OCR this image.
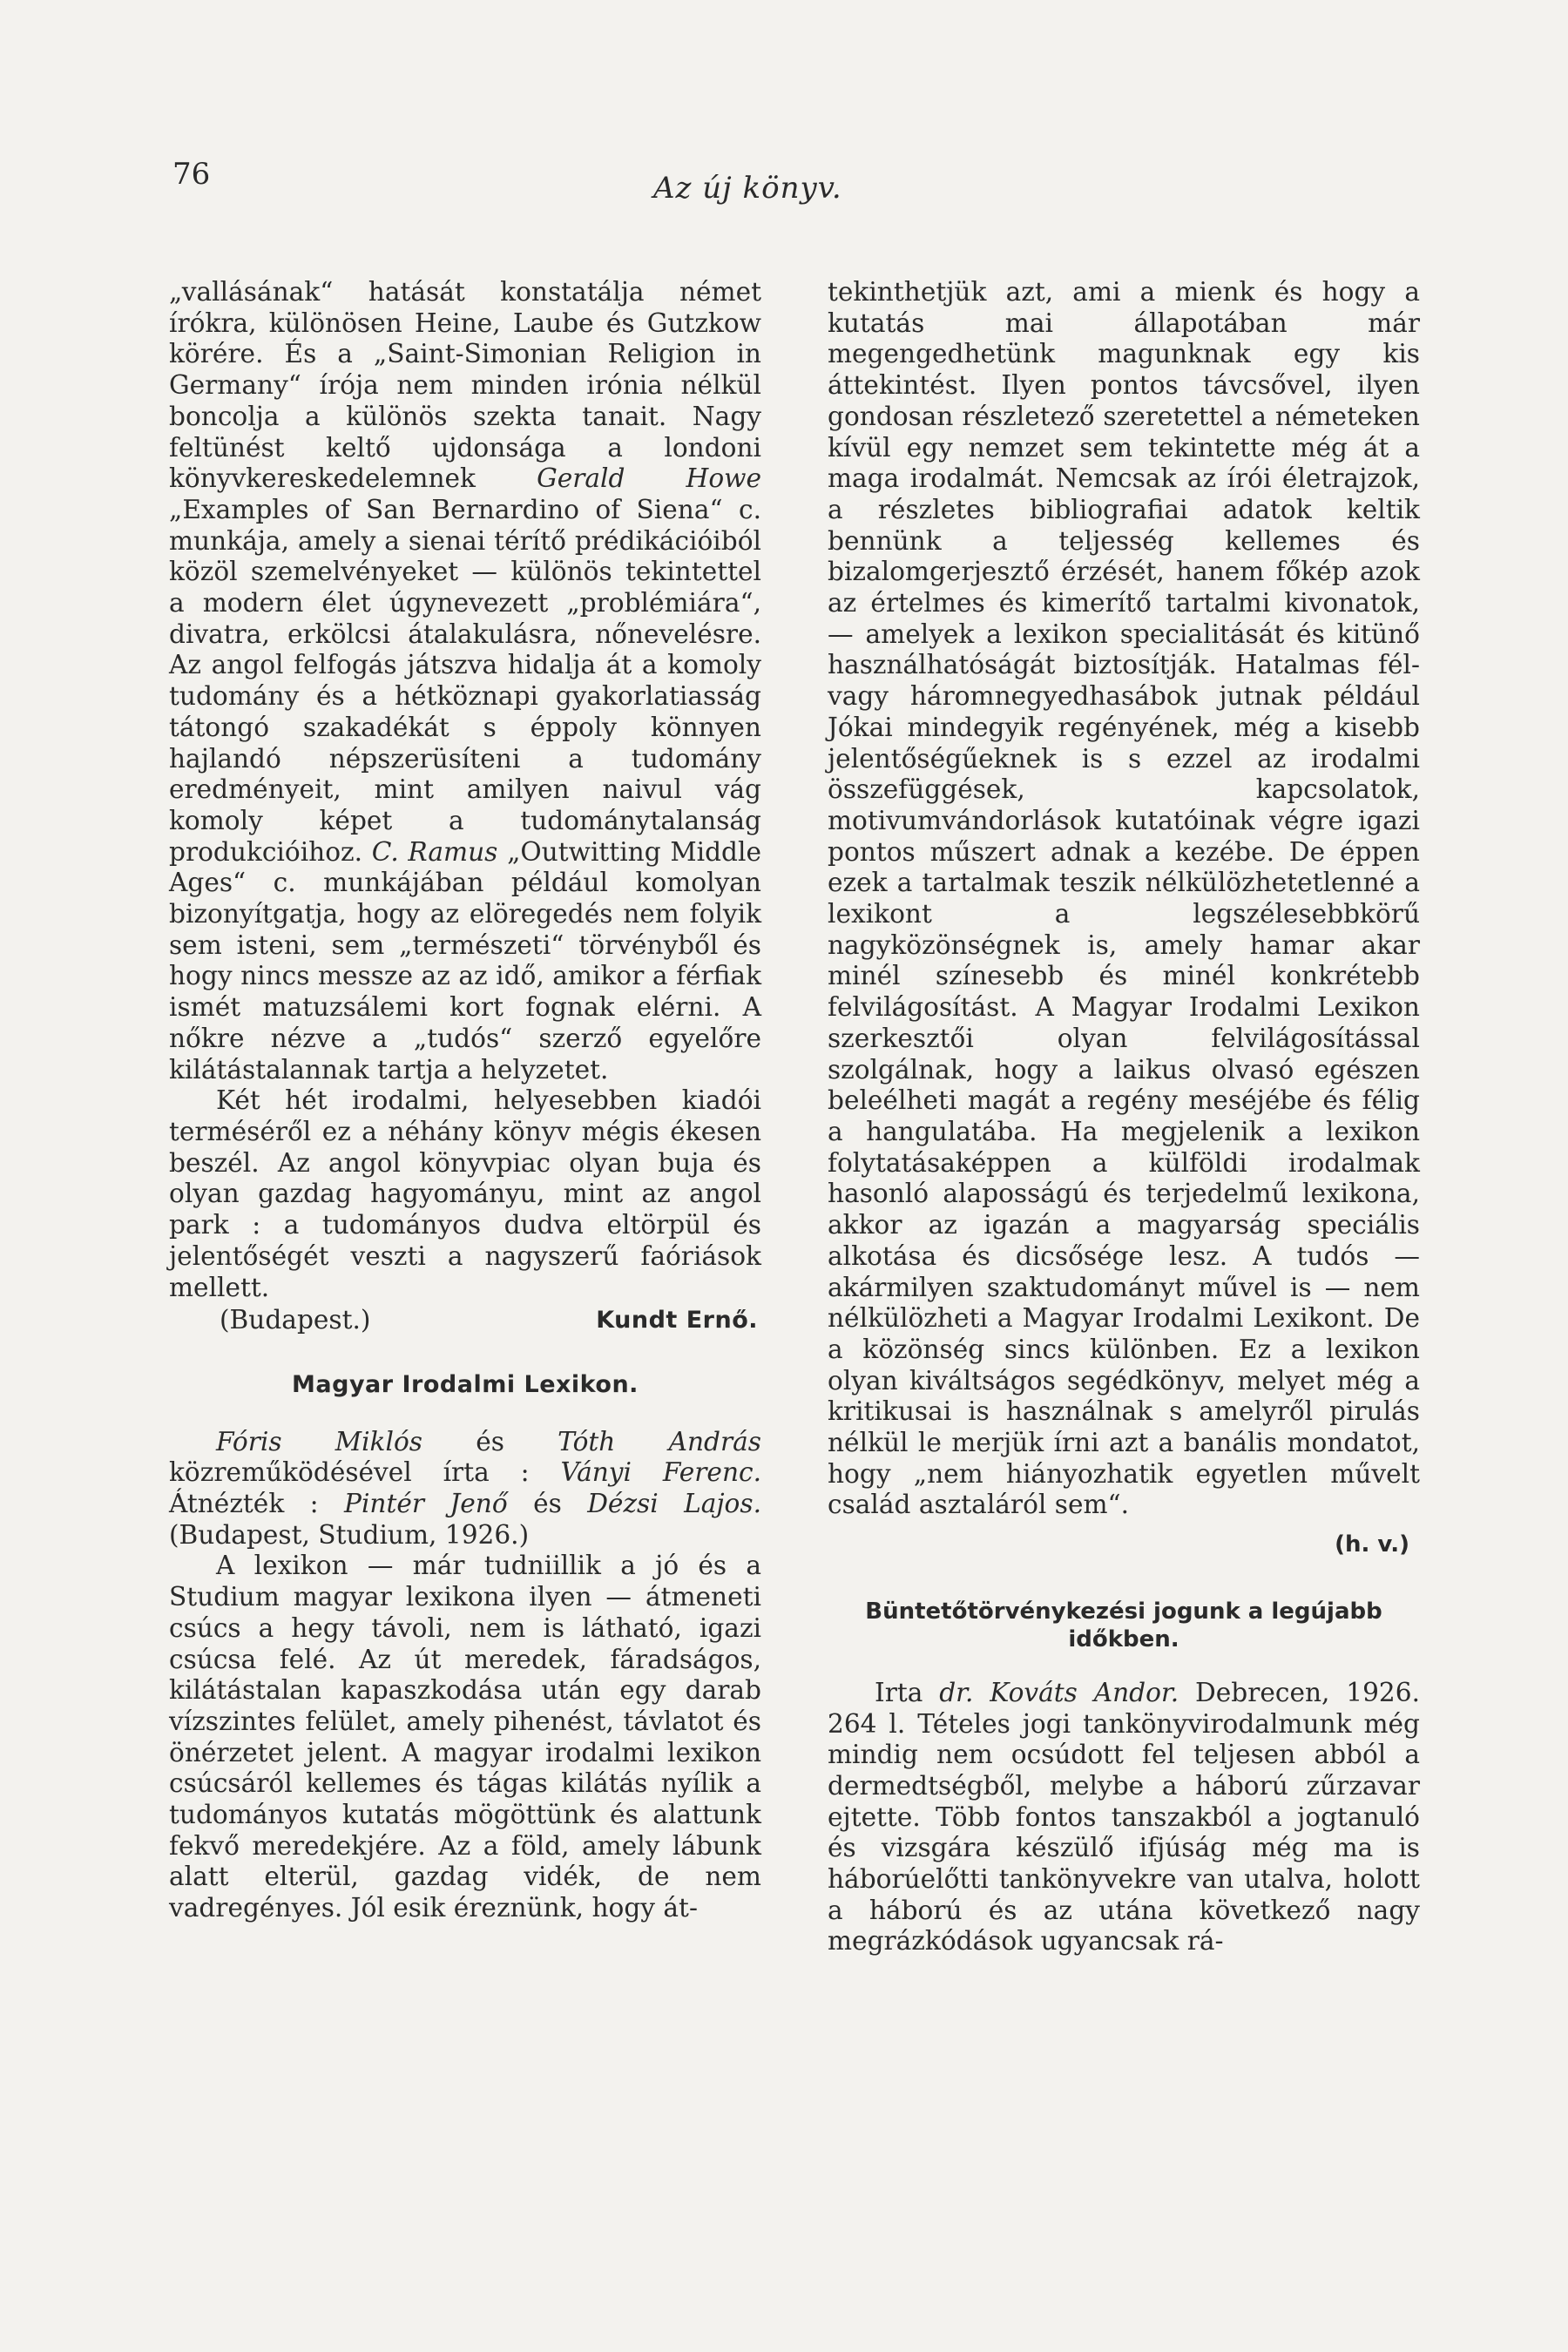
76	Az új könyv.

„vallásának“ hatását konstatálja német írókra, különösen Heine, Laube és Gutzkow körére. És a „Saint-Simonian Religion in Germany“ írója nem minden irónia nélkül boncolja a különös szekta tanait. Nagy feltünést keltő ujdonsága a londoni könyvkereskedelemnek Gerald Howe „Examples of San Bernardino of Siena“ c. munkája, amely a sienai térítő prédikációiból közöl szemelvényeket — különös tekintettel a modern élet úgynevezett „problémiára“, divatra, erkölcsi átalakulásra, nőnevelésre. Az angol felfogás játszva hidalja át a komoly tudomány és a hétköznapi gyakorlatiasság tátongó szakadékát s éppoly könnyen hajlandó népszerüsíteni a tudomány eredményeit, mint amilyen naivul vág komoly képet a tudománytalanság produkcióihoz. C. Ramus „Outwitting Middle Ages“ c. munkájában például komolyan bizonyítgatja, hogy az elöregedés nem folyik sem isteni, sem „természeti“ törvényből és hogy nincs messze az az idő, amikor a férfiak ismét matuzsálemi kort fognak elérni. A nőkre nézve a „tudós“ szerző egyelőre kilátástalannak tartja a helyzetet.

Két hét irodalmi, helyesebben kiadói terméséről ez a néhány könyv mégis ékesen beszél. Az angol könyvpiac olyan buja és olyan gazdag hagyományu, mint az angol park : a tudományos dudva eltörpül és jelentőségét veszti a nagyszerű faóriások mellett.

(Budapest.)	Kundt Ernő.
Magyar Irodalmi Lexikon.

Fóris Miklós és Tóth András közreműködésével írta : Ványi Ferenc. Átnézték : Pintér Jenő és Dézsi Lajos. (Budapest, Studium, 1926.)

A lexikon — már tudniillik a jó és a Studium magyar lexikona ilyen — átmeneti csúcs a hegy távoli, nem is látható, igazi csúcsa felé. Az út meredek, fáradságos, kilátástalan kapaszkodása után egy darab vízszintes felület, amely pihenést, távlatot és önérzetet jelent. A magyar irodalmi lexikon csúcsáról kellemes és tágas kilátás nyílik a tudományos kutatás mögöttünk és alattunk fekvő meredekjére. Az a föld, amely lábunk alatt elterül, gazdag vidék, de nem vadregényes. Jól esik éreznünk, hogy át-

tekinthetjük azt, ami a mienk és hogy a kutatás mai állapotában már megengedhetünk magunknak egy kis áttekintést. Ilyen pontos távcsővel, ilyen gondosan részletező szeretettel a németeken kívül egy nemzet sem tekintette még át a maga irodalmát. Nemcsak az írói életrajzok, a részletes bibliografiai adatok keltik bennünk a teljesség kellemes és bizalomgerjesztő érzését, hanem főkép azok az értelmes és kimerítő tartalmi kivonatok, — amelyek a lexikon specialitását és kitünő használhatóságát biztosítják. Hatalmas fél- vagy háromnegyedhasábok jutnak például Jókai mindegyik regényének, még a kisebb jelentőségűeknek is s ezzel az irodalmi összefüggések, kapcsolatok, motivumvándorlások kutatóinak végre igazi pontos műszert adnak a kezébe. De éppen ezek a tartalmak teszik nélkülözhetetlenné a lexikont a legszélesebbkörű nagyközönségnek is, amely hamar akar minél színesebb és minél konkrétebb felvilágosítást. A Magyar Irodalmi Lexikon szerkesztői olyan felvilágosítással szolgálnak, hogy a laikus olvasó egészen beleélheti magát a regény meséjébe és félig a hangulatába. Ha megjelenik a lexikon folytatásaképpen a külföldi irodalmak hasonló alaposságú és terjedelmű lexikona, akkor az igazán a magyarság speciális alkotása és dicsősége lesz. A tudós — akármilyen szaktudományt művel is — nem nélkülözheti a Magyar Irodalmi Lexikont. De a közönség sincs különben. Ez a lexikon olyan kiváltságos segédkönyv, melyet még a kritikusai is használnak s amelyről pirulás nélkül le merjük írni azt a banális mondatot, hogy „nem hiányozhatik egyetlen művelt család asztaláról sem“.

(h. v.)
Büntetőtörvénykezési jogunk a legújabb időkben.

Irta dr. Kováts Andor. Debrecen, 1926. 264 l. Tételes jogi tankönyvirodalmunk még mindig nem ocsúdott fel teljesen abból a dermedtségből, melybe a háború zűrzavar ejtette. Több fontos tanszakból a jogtanuló és vizsgára készülő ifjúság még ma is háborúelőtti tankönyvekre van utalva, holott a háború és az utána következő nagy megrázkódások ugyancsak rá-
